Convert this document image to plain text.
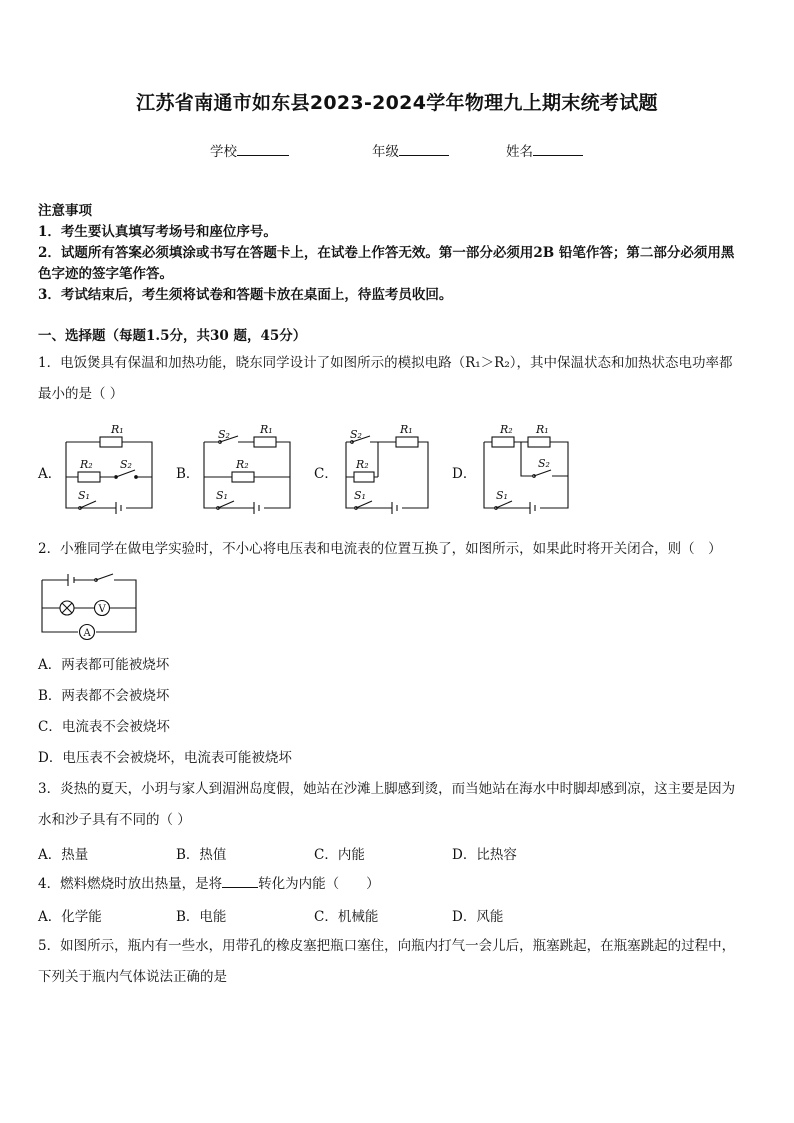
江苏省南通市如东县2023-2024学年物理九上期末统考试题
学校	年级	姓名
注意事项
1．考生要认真填写考场号和座位序号。
2．试题所有答案必须填涂或书写在答题卡上，在试卷上作答无效。第一部分必须用2B 铅笔作答；第二部分必须用黑
色字迹的签字笔作答。
3．考试结束后，考生须将试卷和答题卡放在桌面上，待监考员收回。
一、选择题（每题1.5分，共30 题，45分）
1．电饭煲具有保温和加热功能，晓东同学设计了如图所示的模拟电路（R₁＞R₂），其中保温状态和加热状态电功率都
最小的是（ ）
A．	B．	C．	D．
R₁
R₂ S₂
S₁
S₂	R₁
R₂
S₁
S₂	R₁
R₂
S₁
R₂ R₁
S₂
S₁
2．小雅同学在做电学实验时，不小心将电压表和电流表的位置互换了，如图所示，如果此时将开关闭合，则（　）
V
A
A．两表都可能被烧坏
B．两表都不会被烧坏
C．电流表不会被烧坏
D．电压表不会被烧坏，电流表可能被烧坏
3．炎热的夏天，小玥与家人到湄洲岛度假，她站在沙滩上脚感到烫，而当她站在海水中时脚却感到凉，这主要是因为
水和沙子具有不同的（ ）
A．热量	B．热值	C．内能	D．比热容
4．燃料燃烧时放出热量，是将	转化为内能（　　）
A．化学能	B．电能	C．机械能	D．风能
5．如图所示，瓶内有一些水，用带孔的橡皮塞把瓶口塞住，向瓶内打气一会儿后，瓶塞跳起，在瓶塞跳起的过程中，
下列关于瓶内气体说法正确的是
